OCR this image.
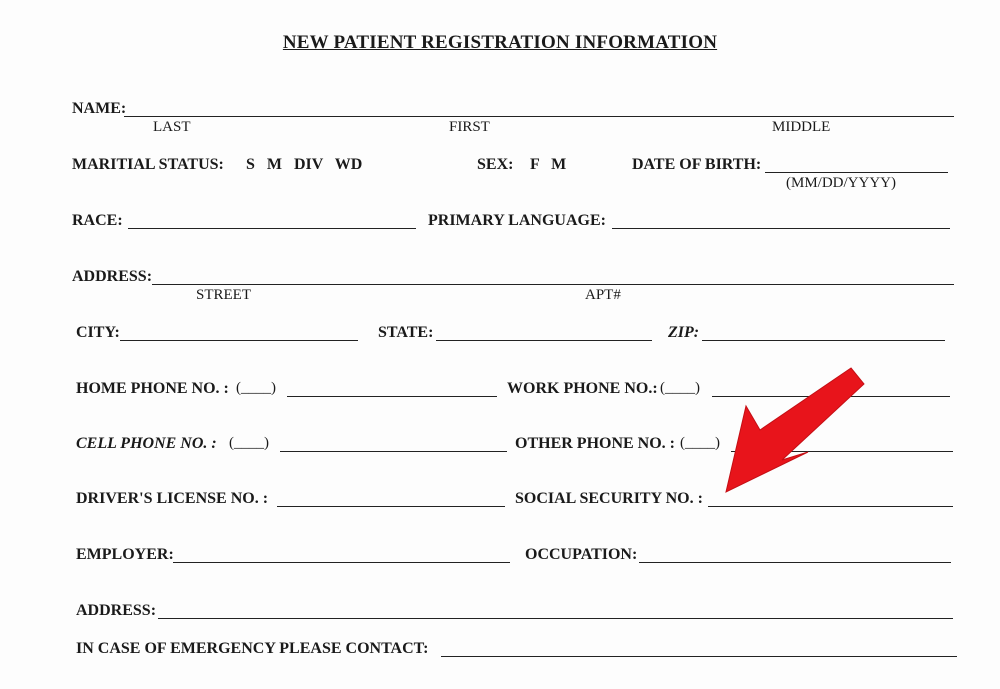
NEW PATIENT REGISTRATION INFORMATION
NAME:
LAST	FIRST	MIDDLE
MARITIAL STATUS: S   M   DIV   WD	SEX: F   M	DATE OF BIRTH:
(MM/DD/YYYY)
RACE:	PRIMARY LANGUAGE:
ADDRESS:
STREET	APT#
CITY:	STATE:	ZIP:
HOME PHONE NO. : (____)	WORK PHONE NO.: (____)
CELL PHONE NO. : (____)	OTHER PHONE NO. : (____)
DRIVER'S LICENSE NO. :	SOCIAL SECURITY NO. :
EMPLOYER:	OCCUPATION:
ADDRESS:
IN CASE OF EMERGENCY PLEASE CONTACT:
